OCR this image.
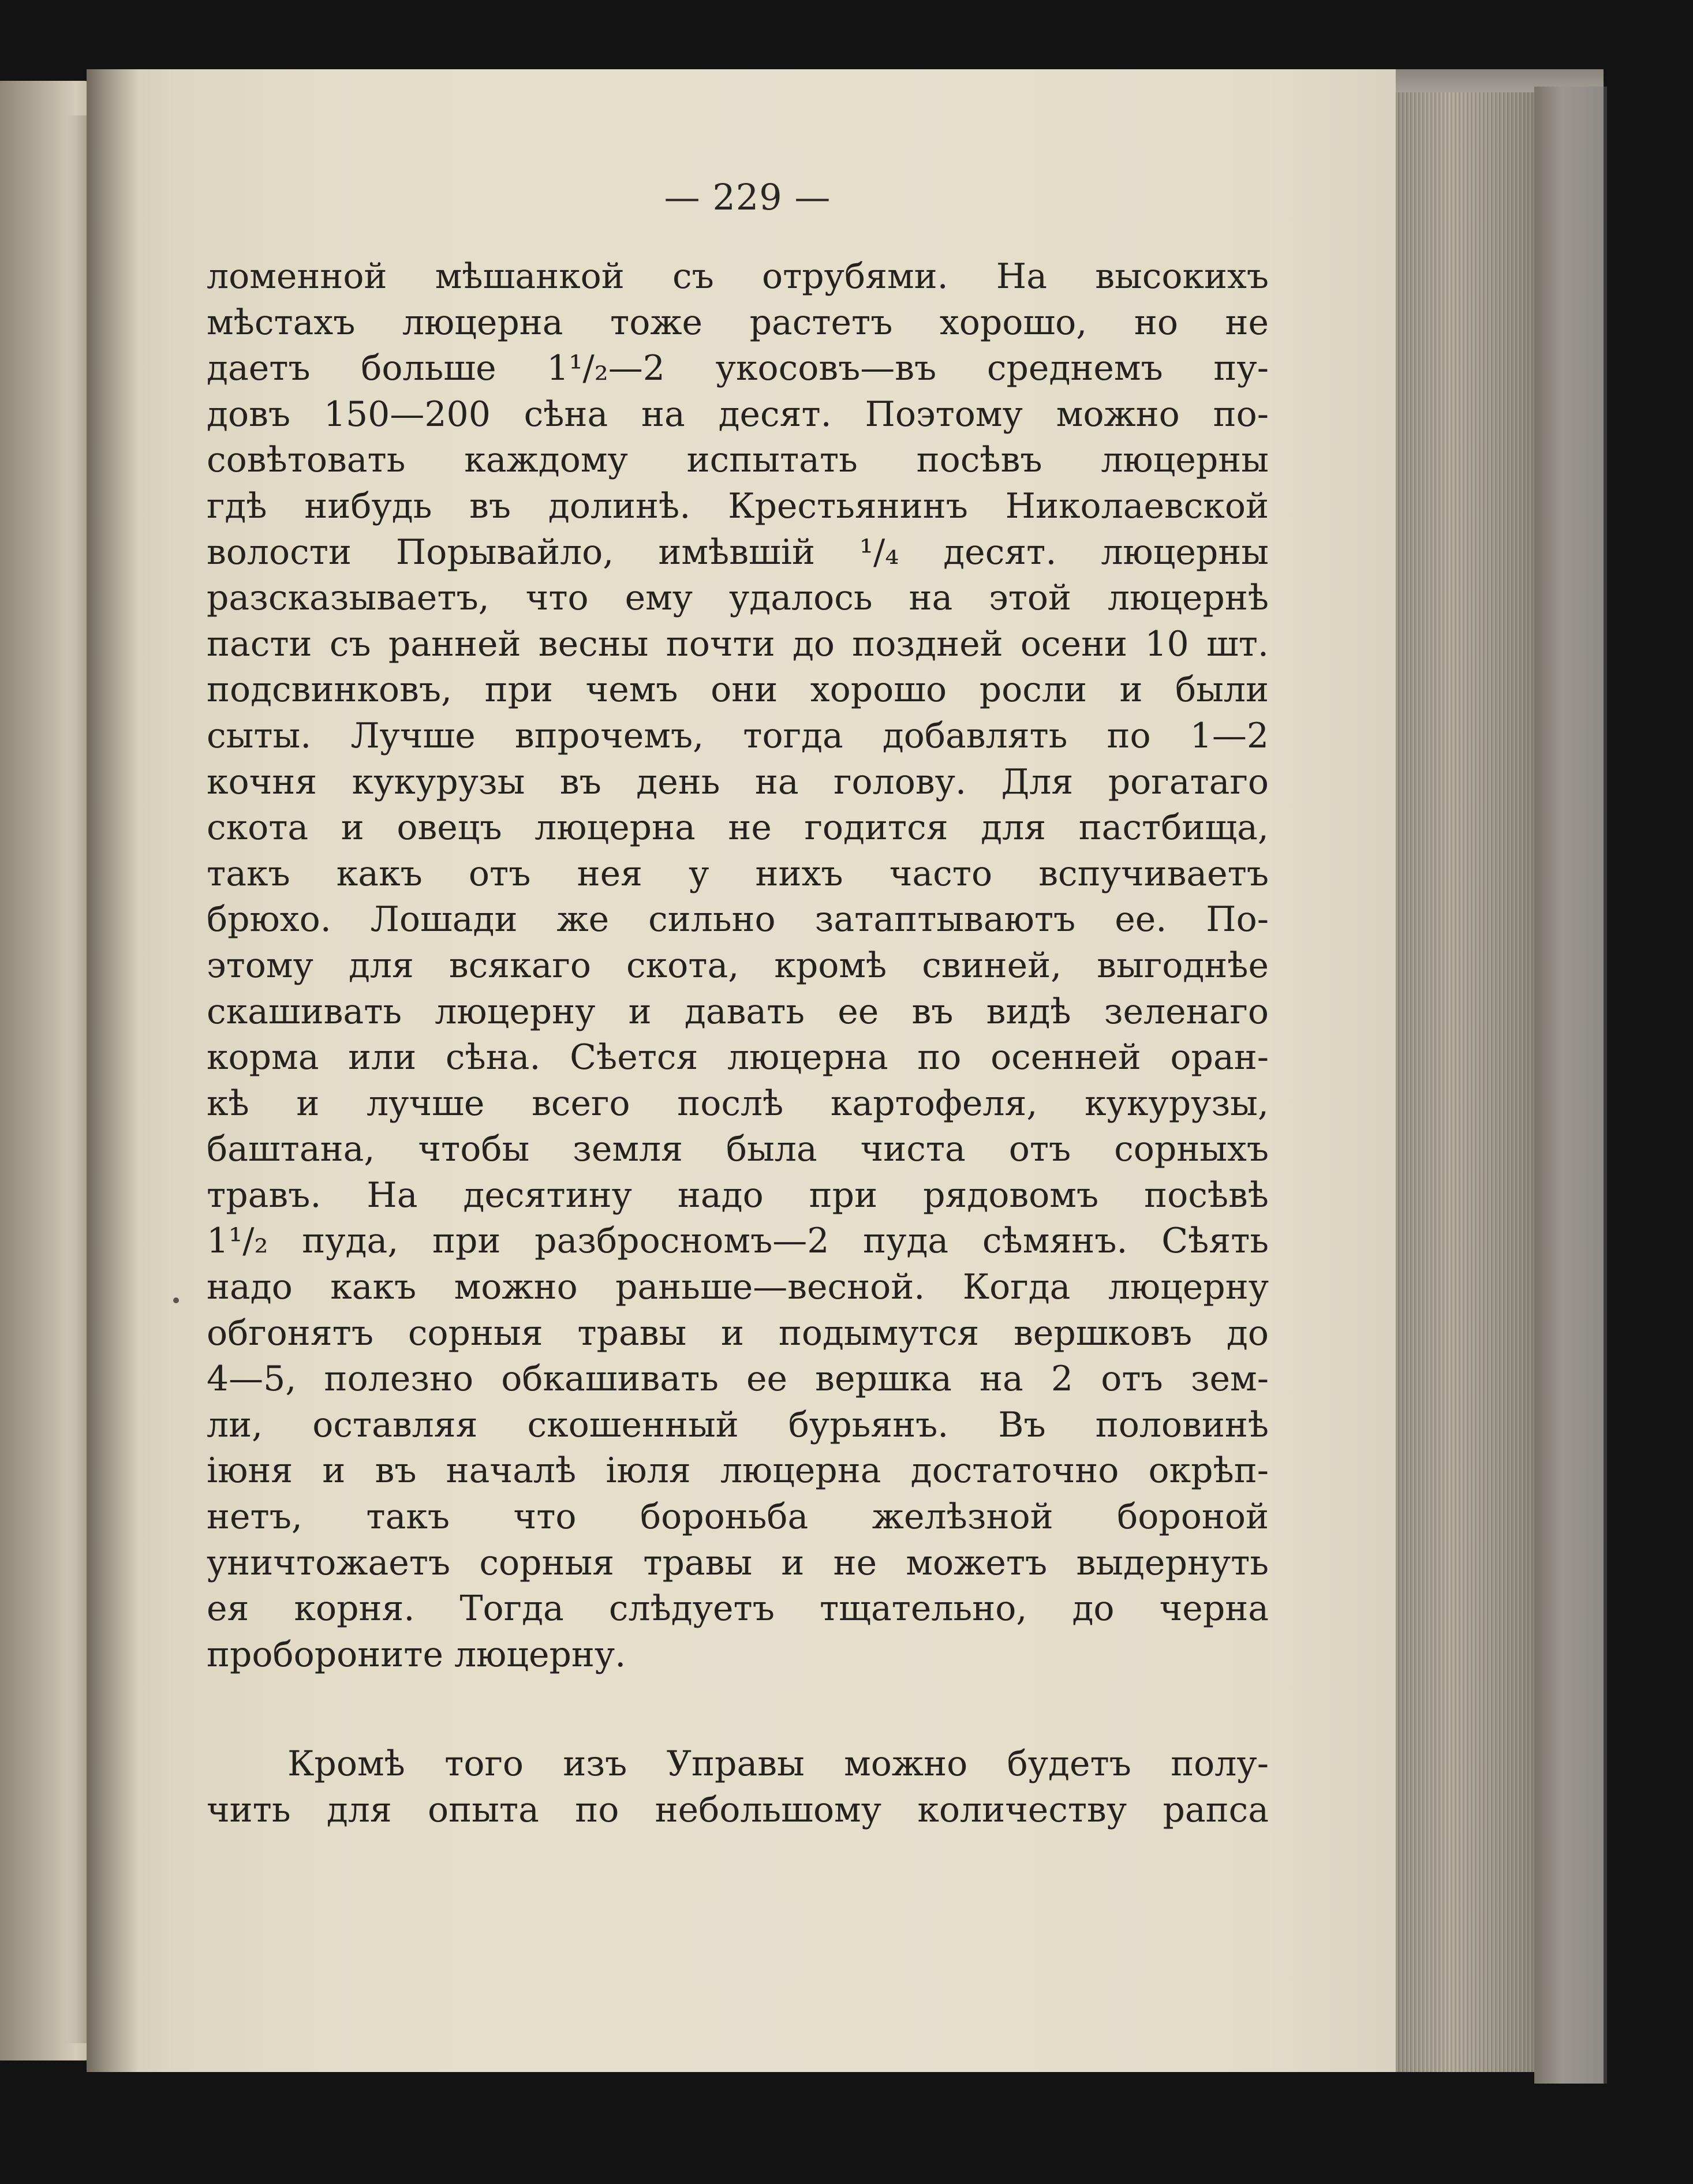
— 229 —
ломенной мѣшанкой съ отрубями. На высокихъ
мѣстахъ люцерна тоже растетъ хорошо, но не
даетъ больше 1¹/₂—2 укосовъ—въ среднемъ пу-
довъ 150—200 сѣна на десят. Поэтому можно по-
совѣтовать каждому испытать посѣвъ люцерны
гдѣ нибудь въ долинѣ. Крестьянинъ Николаевской
волости Порывайло, имѣвшій ¹/₄ десят. люцерны
разсказываетъ, что ему удалось на этой люцернѣ
пасти съ ранней весны почти до поздней осени 10 шт.
подсвинковъ, при чемъ они хорошо росли и были
сыты. Лучше впрочемъ, тогда добавлять по 1—2
кочня кукурузы въ день на голову. Для рогатаго
скота и овецъ люцерна не годится для пастбища,
такъ какъ отъ нея у нихъ часто вспучиваетъ
брюхо. Лошади же сильно затаптываютъ ее. По-
этому для всякаго скота, кромѣ свиней, выгоднѣе
скашивать люцерну и давать ее въ видѣ зеленаго
корма или сѣна. Сѣется люцерна по осенней оран-
кѣ и лучше всего послѣ картофеля, кукурузы,
баштана, чтобы земля была чиста отъ сорныхъ
травъ. На десятину надо при рядовомъ посѣвѣ
1¹/₂ пуда, при разбросномъ—2 пуда сѣмянъ. Сѣять
надо какъ можно раньше—весной. Когда люцерну
обгонятъ сорныя травы и подымутся вершковъ до
4—5, полезно обкашивать ее вершка на 2 отъ зем-
ли, оставляя скошенный бурьянъ. Въ половинѣ
іюня и въ началѣ іюля люцерна достаточно окрѣп-
нетъ, такъ что бороньба желѣзной бороной
уничтожаетъ сорныя травы и не можетъ выдернуть
ея корня. Тогда слѣдуетъ тщательно, до черна
пробороните люцерну.
Кромѣ того изъ Управы можно будетъ полу-
чить для опыта по небольшому количеству рапса
